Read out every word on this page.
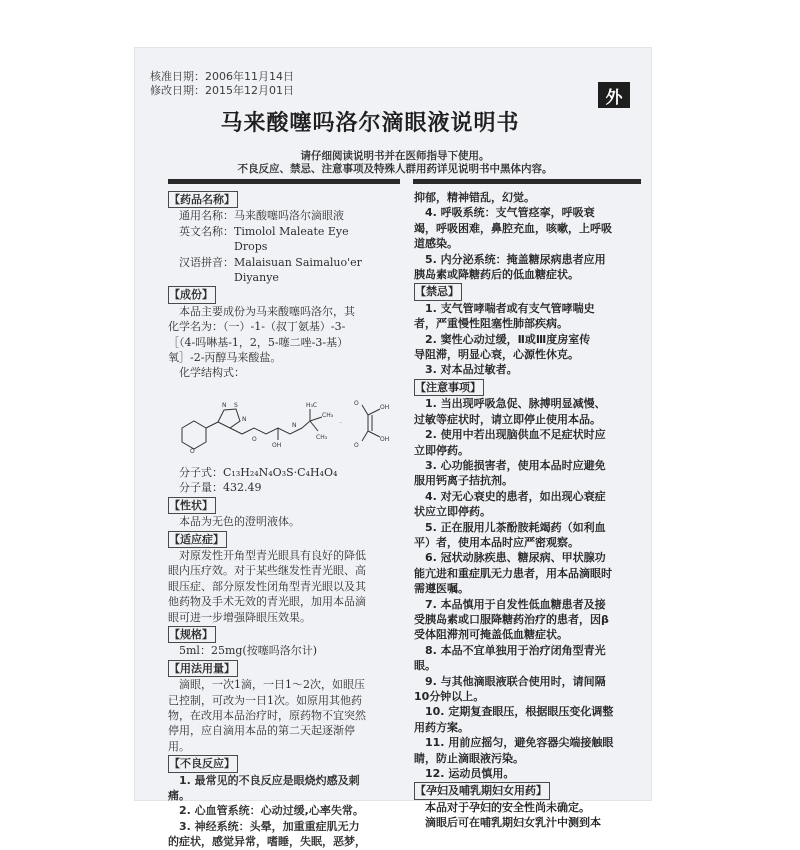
核准日期：2006年11月14日
修改日期：2015年12月01日	外
马来酸噻吗洛尔滴眼液说明书
请仔细阅读说明书并在医师指导下使用。
不良反应、禁忌、注意事项及特殊人群用药详见说明书中黑体内容。
【药品名称】
通用名称： 马来酸噻吗洛尔滴眼液
英文名称： Timolol Maleate Eye
Drops
汉语拼音： Malaisuan Saimaluo'er
Diyanye
【成份】

本品主要成份为马来酸噻吗洛尔，其

化学名为：（一）-1-（叔丁氨基）-3-

［（4-吗啉基-1，2，5-噻二唑-3-基）

氧］-2-丙醇马来酸盐。

化学结构式：

O
N S
N
O
OH
H₃C
CH₃
CH₃
N	·
O
OH
OH
O

分子式：C₁₃H₂₄N₄O₃S·C₄H₄O₄

分子量：432.49

【性状】

本品为无色的澄明液体。

【适应症】

对原发性开角型青光眼具有良好的降低

眼内压疗效。对于某些继发性青光眼、高

眼压症、部分原发性闭角型青光眼以及其

他药物及手术无效的青光眼，加用本品滴

眼可进一步增强降眼压效果。

【规格】

5ml：25mg(按噻吗洛尔计)

【用法用量】

滴眼，一次1滴，一日1～2次，如眼压

已控制，可改为一日1次。如原用其他药

物，在改用本品治疗时，原药物不宜突然

停用，应自滴用本品的第二天起逐渐停

用。

【不良反应】

1. 最常见的不良反应是眼烧灼感及刺

痛。

2. 心血管系统：心动过缓,心率失常。

3. 神经系统：头晕，加重重症肌无力

的症状，感觉异常，嗜睡，失眠，恶梦，

抑郁，精神错乱，幻觉。

4. 呼吸系统：支气管痉挛，呼吸衰

竭，呼吸困难，鼻腔充血，咳嗽，上呼吸

道感染。

5. 内分泌系统：掩盖糖尿病患者应用

胰岛素或降糖药后的低血糖症状。

【禁忌】

1. 支气管哮喘者或有支气管哮喘史

者，严重慢性阻塞性肺部疾病。

2. 窦性心动过缓，Ⅱ或Ⅲ度房室传

导阻滞，明显心衰，心源性休克。

3. 对本品过敏者。

【注意事项】

1. 当出现呼吸急促、脉搏明显减慢、

过敏等症状时，请立即停止使用本品。

2. 使用中若出现脑供血不足症状时应

立即停药。

3. 心功能损害者，使用本品时应避免

服用钙离子拮抗剂。

4. 对无心衰史的患者，如出现心衰症

状应立即停药。

5. 正在服用儿茶酚胺耗竭药（如利血

平）者，使用本品时应严密观察。

6. 冠状动脉疾患、糖尿病、甲状腺功

能亢进和重症肌无力患者，用本品滴眼时

需遵医嘱。

7. 本品慎用于自发性低血糖患者及接

受胰岛素或口服降糖药治疗的患者，因β

受体阻滞剂可掩盖低血糖症状。

8. 本品不宜单独用于治疗闭角型青光

眼。

9. 与其他滴眼液联合使用时，请间隔

10分钟以上。

10. 定期复查眼压，根据眼压变化调整

用药方案。

11. 用前应摇匀，避免容器尖端接触眼

睛，防止滴眼液污染。

12. 运动员慎用。

【孕妇及哺乳期妇女用药】

本品对于孕妇的安全性尚未确定。

滴眼后可在哺乳期妇女乳汁中测到本
